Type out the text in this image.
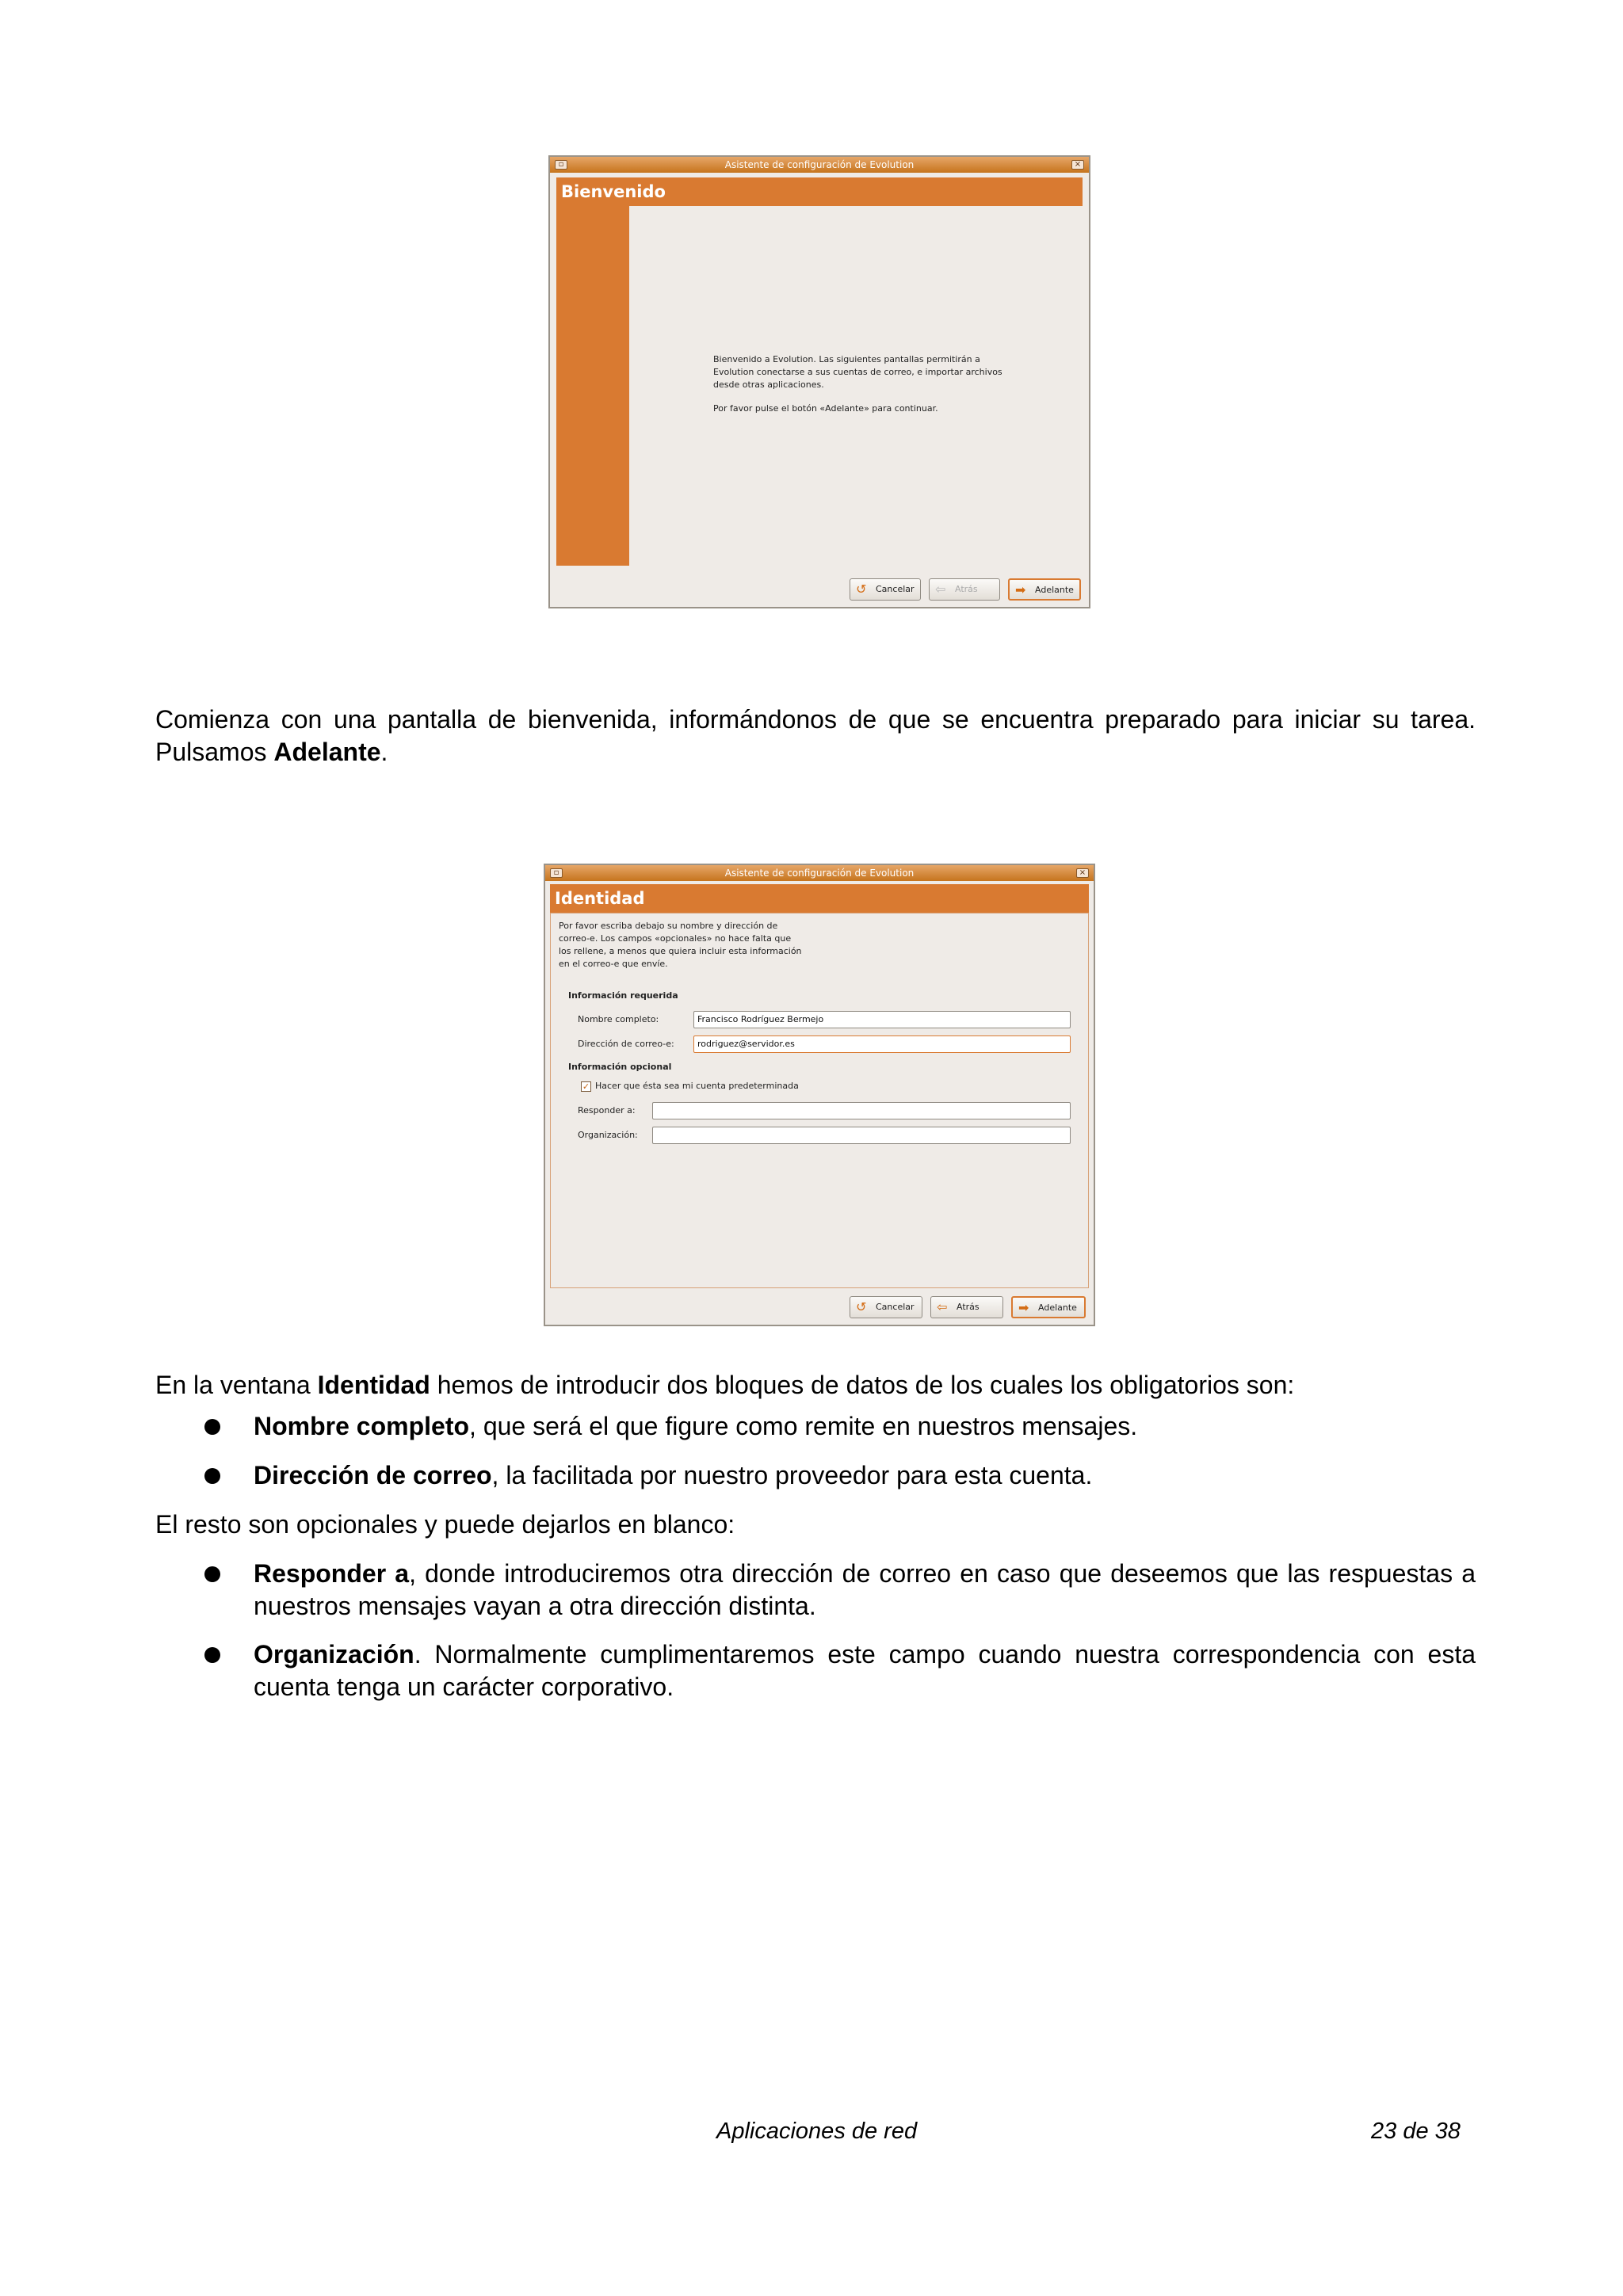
▫	Asistente de configuración de Evolution	×
Bienvenido
Bienvenido a Evolution. Las siguientes pantallas permitirán a Evolution conectarse a sus cuentas de correo, e importar archivos desde otras aplicaciones.
Por favor pulse el botón «Adelante» para continuar.
↺ Cancelar	⇦ Atrás	➡ Adelante

Comienza con una pantalla de bienvenida, informándonos de que se encuentra preparado para iniciar su tarea. Pulsamos Adelante.

▫	Asistente de configuración de Evolution	×
Identidad
Por favor escriba debajo su nombre y dirección de correo-e. Los campos «opcionales» no hace falta que los rellene, a menos que quiera incluir esta información en el correo-e que envíe.
Información requerida
Nombre completo:	Francisco Rodríguez Bermejo
Dirección de correo-e:	rodriguez@servidor.es
Información opcional
✓ Hacer que ésta sea mi cuenta predeterminada
Responder a:
Organización:
↺ Cancelar	⇦ Atrás	➡ Adelante

En la ventana Identidad hemos de introducir dos bloques de datos de los cuales los obligatorios son:

Nombre completo, que será el que figure como remite en nuestros mensajes.

Dirección de correo, la facilitada por nuestro proveedor para esta cuenta.

El resto son opcionales y puede dejarlos en blanco:

Responder a, donde introduciremos otra dirección de correo en caso que deseemos que las respuestas a nuestros mensajes vayan a otra dirección distinta.

Organización. Normalmente cumplimentaremos este campo cuando nuestra correspondencia con esta cuenta tenga un carácter corporativo.

Aplicaciones de red	23 de 38
